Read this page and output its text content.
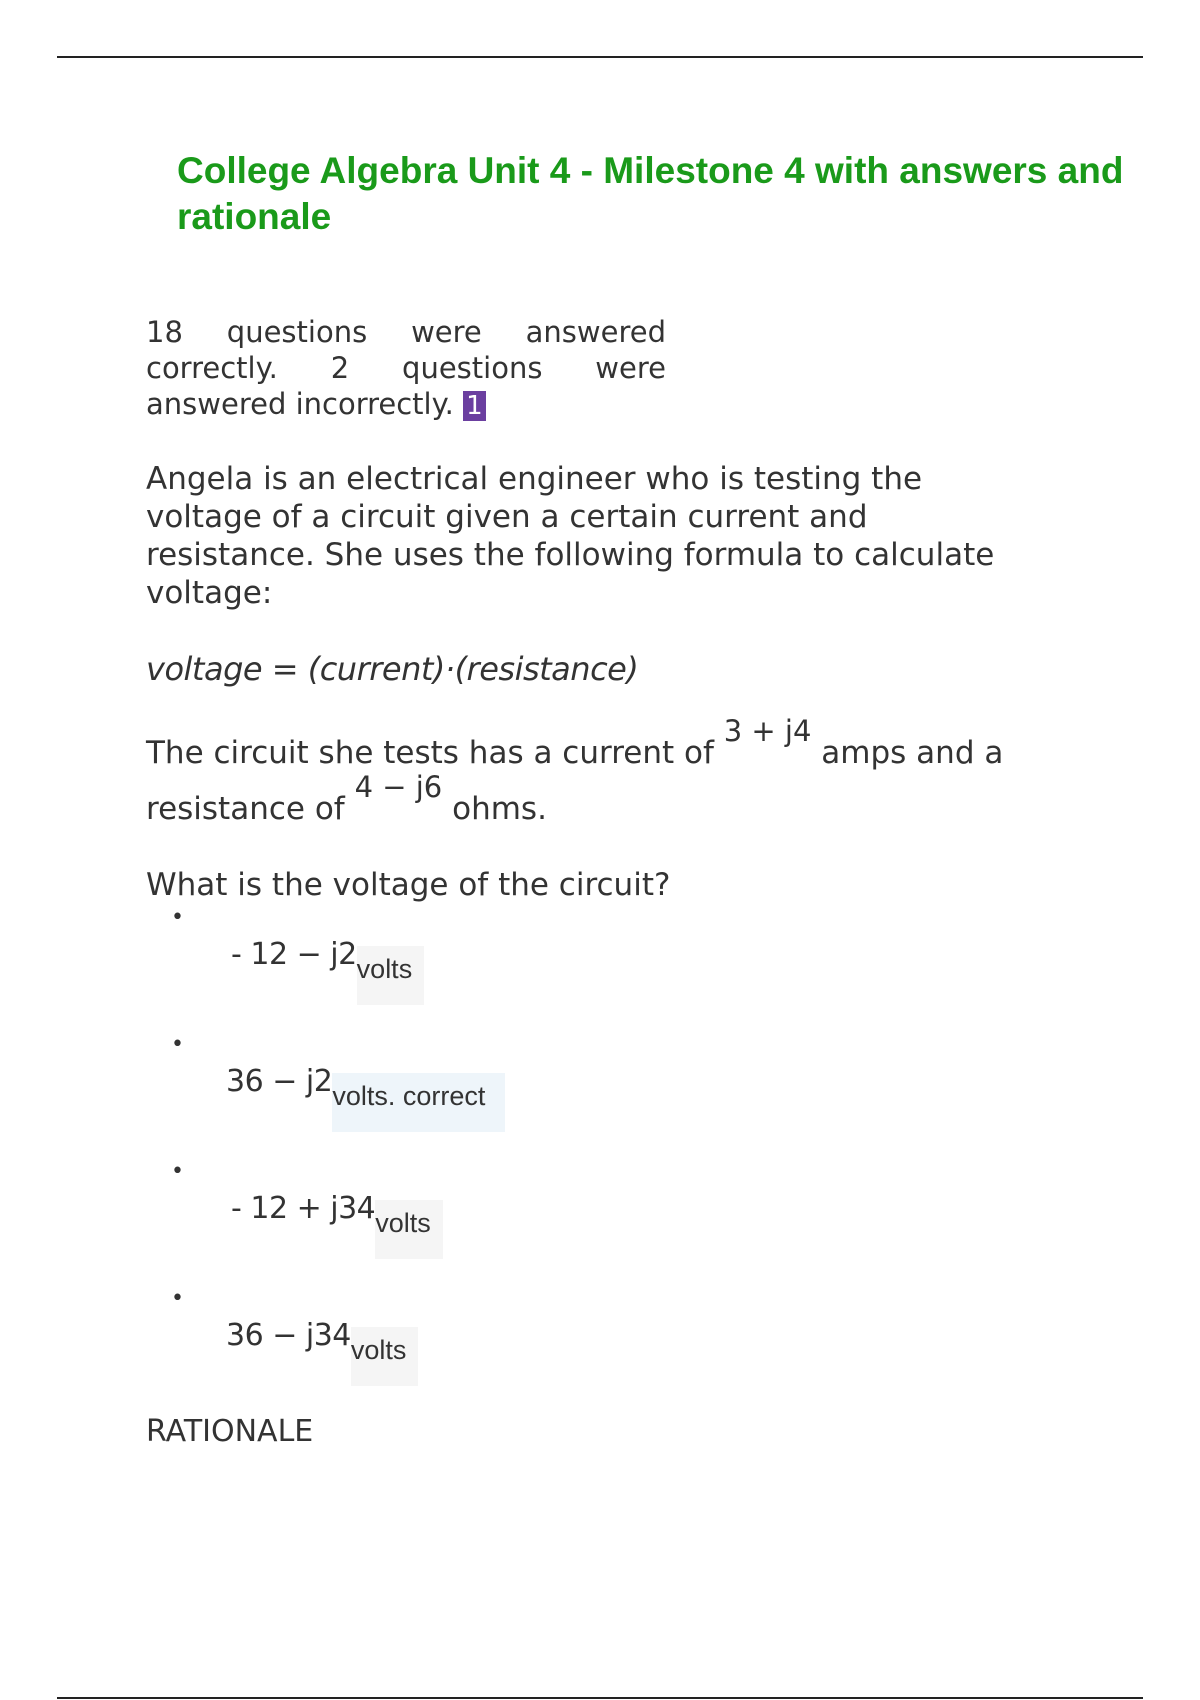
College Algebra Unit 4 - Milestone 4 with answers and rationale
18 questions were answered correctly. 2 questions were answered incorrectly. 1

Angela is an electrical engineer who is testing the voltage of a circuit given a certain current and resistance. She uses the following formula to calculate voltage:

voltage = (current)·(resistance)

The circuit she tests has a current of 3 + j4 amps and a resistance of 4 − j6 ohms.

What is the voltage of the circuit?

•
- 12 − j2volts
•
36 − j2volts. correct
•
- 12 + j34volts
•
36 − j34volts
RATIONALE
